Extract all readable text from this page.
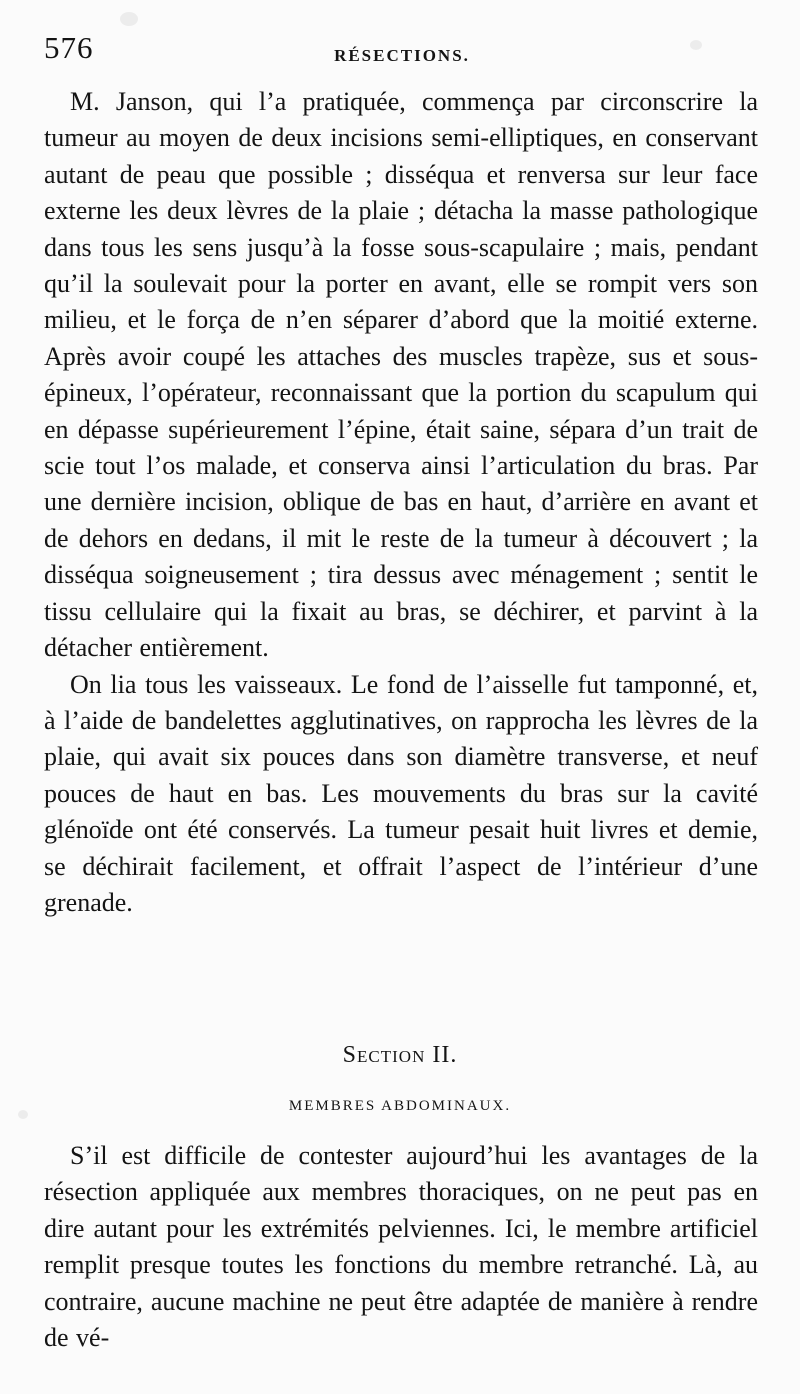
576	RÉSECTIONS.

M. Janson, qui l’a pratiquée, commença par circonscrire la tumeur au moyen de deux incisions semi-elliptiques, en conservant autant de peau que possible ; disséqua et renversa sur leur face externe les deux lèvres de la plaie ; détacha la masse pathologique dans tous les sens jusqu’à la fosse sous-scapulaire ; mais, pendant qu’il la soulevait pour la porter en avant, elle se rompit vers son milieu, et le força de n’en séparer d’abord que la moitié externe. Après avoir coupé les attaches des muscles trapèze, sus et sous-épineux, l’opérateur, reconnaissant que la portion du scapulum qui en dépasse supérieurement l’épine, était saine, sépara d’un trait de scie tout l’os malade, et conserva ainsi l’articulation du bras. Par une dernière incision, oblique de bas en haut, d’arrière en avant et de dehors en dedans, il mit le reste de la tumeur à découvert ; la disséqua soigneusement ; tira dessus avec ménagement ; sentit le tissu cellulaire qui la fixait au bras, se déchirer, et parvint à la détacher entièrement.

On lia tous les vaisseaux. Le fond de l’aisselle fut tamponné, et, à l’aide de bandelettes agglutinatives, on rapprocha les lèvres de la plaie, qui avait six pouces dans son diamètre transverse, et neuf pouces de haut en bas. Les mouvements du bras sur la cavité glénoïde ont été conservés. La tumeur pesait huit livres et demie, se déchirait facilement, et offrait l’aspect de l’intérieur d’une grenade.

Section II.
MEMBRES ABDOMINAUX.

S’il est difficile de contester aujourd’hui les avantages de la résection appliquée aux membres thoraciques, on ne peut pas en dire autant pour les extrémités pelviennes. Ici, le membre artificiel remplit presque toutes les fonctions du membre retranché. Là, au contraire, aucune machine ne peut être adaptée de manière à rendre de vé-
